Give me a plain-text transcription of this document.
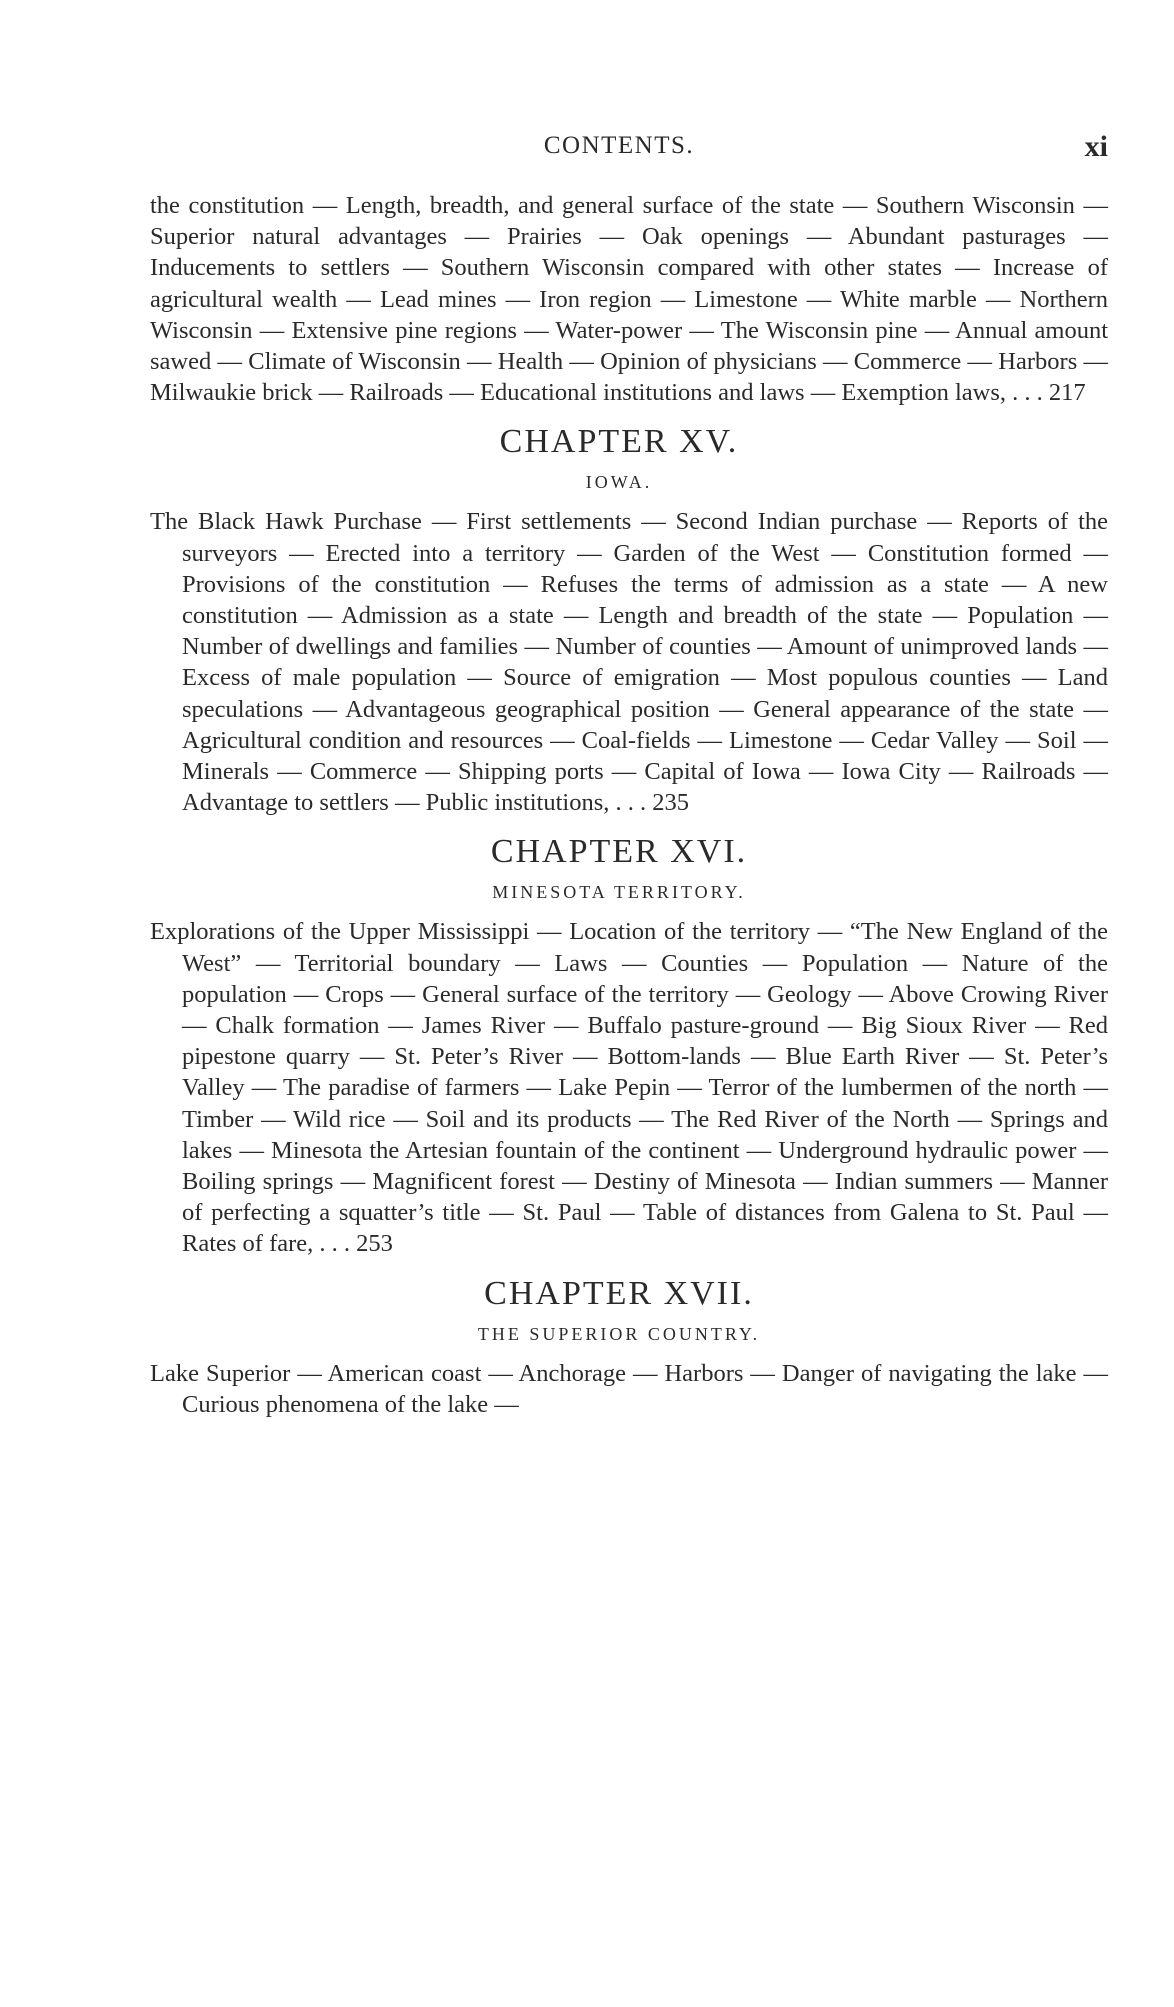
CONTENTS.	xi

the constitution — Length, breadth, and general surface of the state — Southern Wisconsin — Superior natural advantages — Prairies — Oak openings — Abundant pasturages — Inducements to settlers — Southern Wisconsin compared with other states — Increase of agricultural wealth — Lead mines — Iron region — Limestone — White marble — Northern Wisconsin — Extensive pine regions — Water-power — The Wisconsin pine — Annual amount sawed — Climate of Wisconsin — Health — Opinion of physicians — Commerce — Harbors — Milwaukie brick — Railroads — Educational institutions and laws — Exemption laws, . . . 217

CHAPTER XV.
IOWA.

The Black Hawk Purchase — First settlements — Second Indian purchase — Reports of the surveyors — Erected into a territory — Garden of the West — Constitution formed — Provisions of the constitution — Refuses the terms of admission as a state — A new constitution — Admission as a state — Length and breadth of the state — Population — Number of dwellings and families — Number of counties — Amount of unimproved lands — Excess of male population — Source of emigration — Most populous counties — Land speculations — Advantageous geographical position — General appearance of the state — Agricultural condition and resources — Coal-fields — Limestone — Cedar Valley — Soil — Minerals — Commerce — Shipping ports — Capital of Iowa — Iowa City — Railroads — Advantage to settlers — Public institutions, . . . 235

CHAPTER XVI.
MINESOTA TERRITORY.

Explorations of the Upper Mississippi — Location of the territory — “The New England of the West” — Territorial boundary — Laws — Counties — Population — Nature of the population — Crops — General surface of the territory — Geology — Above Crowing River — Chalk formation — James River — Buffalo pasture-ground — Big Sioux River — Red pipestone quarry — St. Peter’s River — Bottom-lands — Blue Earth River — St. Peter’s Valley — The paradise of farmers — Lake Pepin — Terror of the lumbermen of the north — Timber — Wild rice — Soil and its products — The Red River of the North — Springs and lakes — Minesota the Artesian fountain of the continent — Underground hydraulic power — Boiling springs — Magnificent forest — Destiny of Minesota — Indian summers — Manner of perfecting a squatter’s title — St. Paul — Table of distances from Galena to St. Paul — Rates of fare, . . . 253

CHAPTER XVII.
THE SUPERIOR COUNTRY.

Lake Superior — American coast — Anchorage — Harbors — Danger of navigating the lake — Curious phenomena of the lake —
